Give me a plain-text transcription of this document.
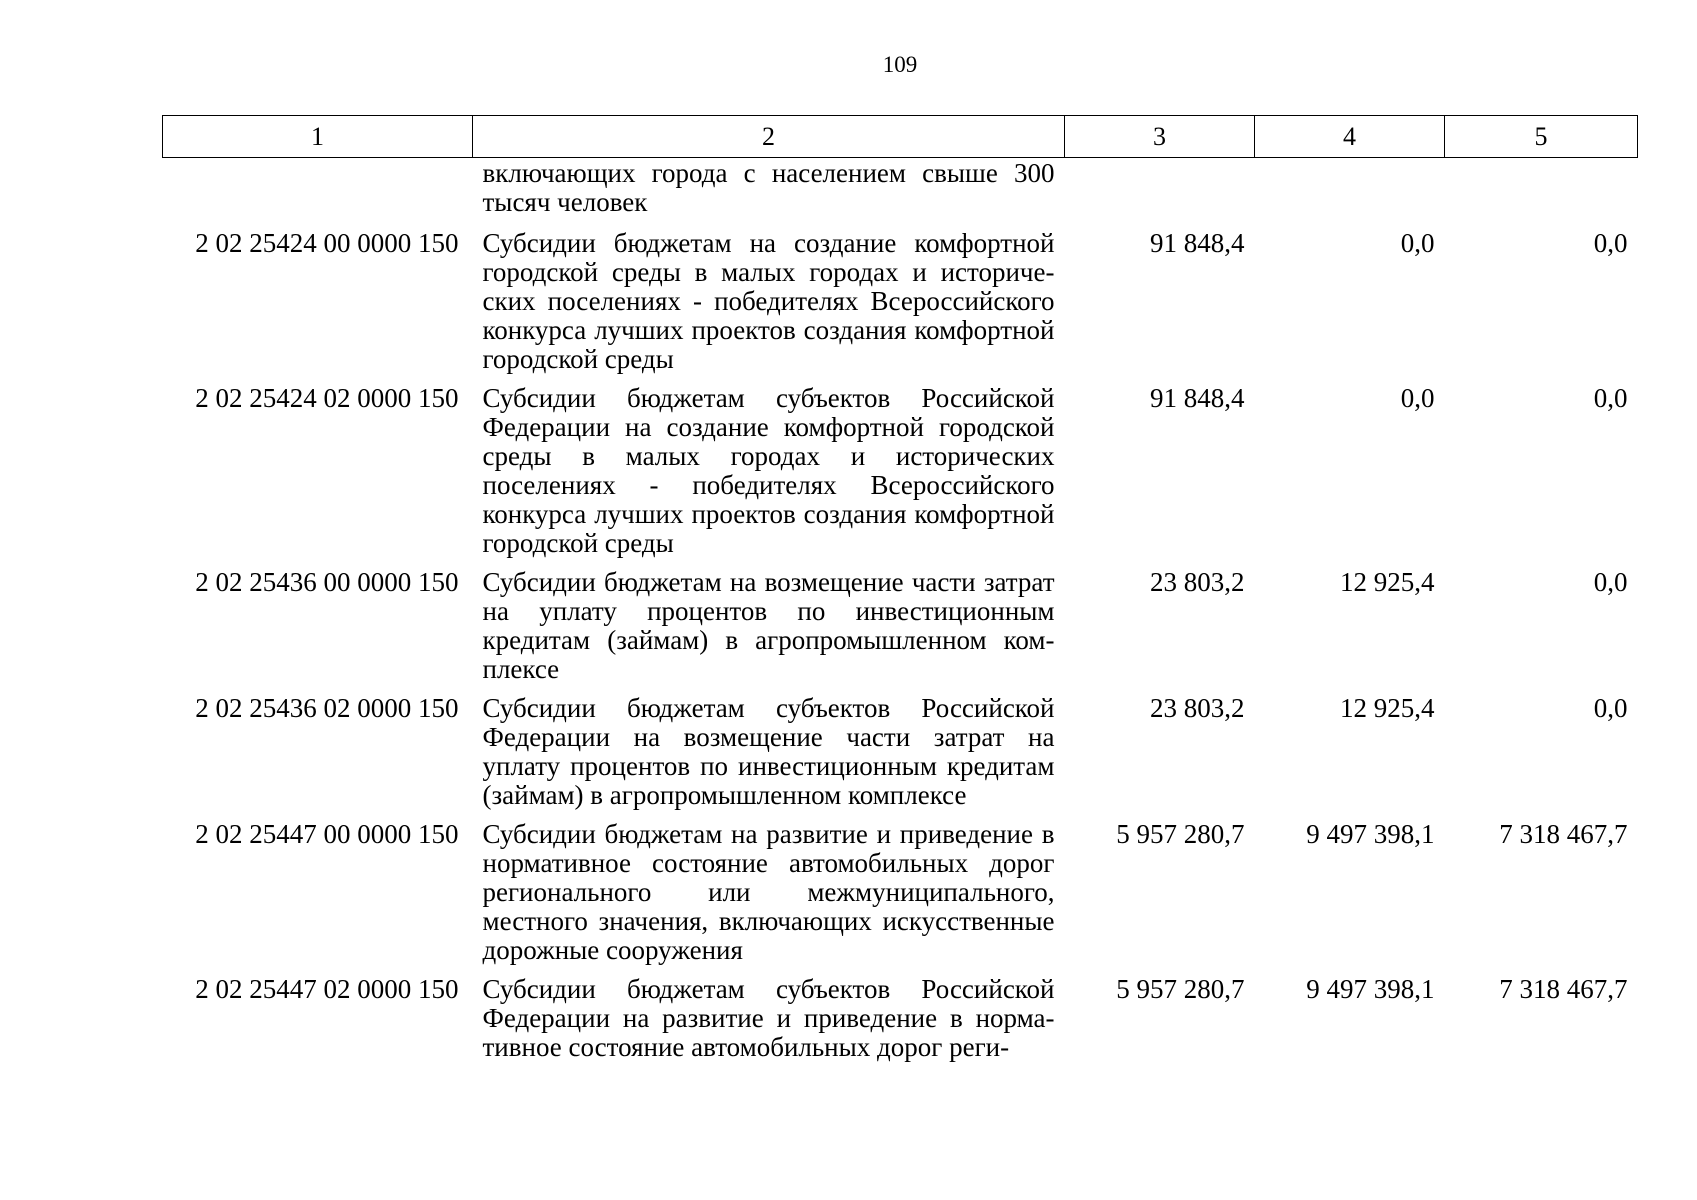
109
1	2	3	4	5
	включающих города с населением свыше 300 тысяч человек			
2 02 25424 00 0000 150	Субсидии бюджетам на создание комфортной городской среды в малых городах и исторических поселениях - победителях Всероссийского конкурса лучших проектов создания комфортной городской среды	91 848,4	0,0	0,0
2 02 25424 02 0000 150	Субсидии бюджетам субъектов Российской Федерации на создание комфортной городской среды в малых городах и исторических поселениях - победителях Всероссийского конкурса лучших проектов создания комфортной городской среды	91 848,4	0,0	0,0
2 02 25436 00 0000 150	Субсидии бюджетам на возмещение части затрат на уплату процентов по инвестиционным кредитам (займам) в агропромышленном комплексе	23 803,2	12 925,4	0,0
2 02 25436 02 0000 150	Субсидии бюджетам субъектов Российской Федерации на возмещение части затрат на уплату процентов по инвестиционным кредитам (займам) в агропромышленном комплексе	23 803,2	12 925,4	0,0
2 02 25447 00 0000 150	Субсидии бюджетам на развитие и приведение в нормативное состояние автомобильных дорог регионального или межмуниципального, местного значения, включающих искусственные дорожные сооружения	5 957 280,7	9 497 398,1	7 318 467,7
2 02 25447 02 0000 150	Субсидии бюджетам субъектов Российской Федерации на развитие и приведение в нормативное состояние автомобильных дорог реги-	5 957 280,7	9 497 398,1	7 318 467,7
